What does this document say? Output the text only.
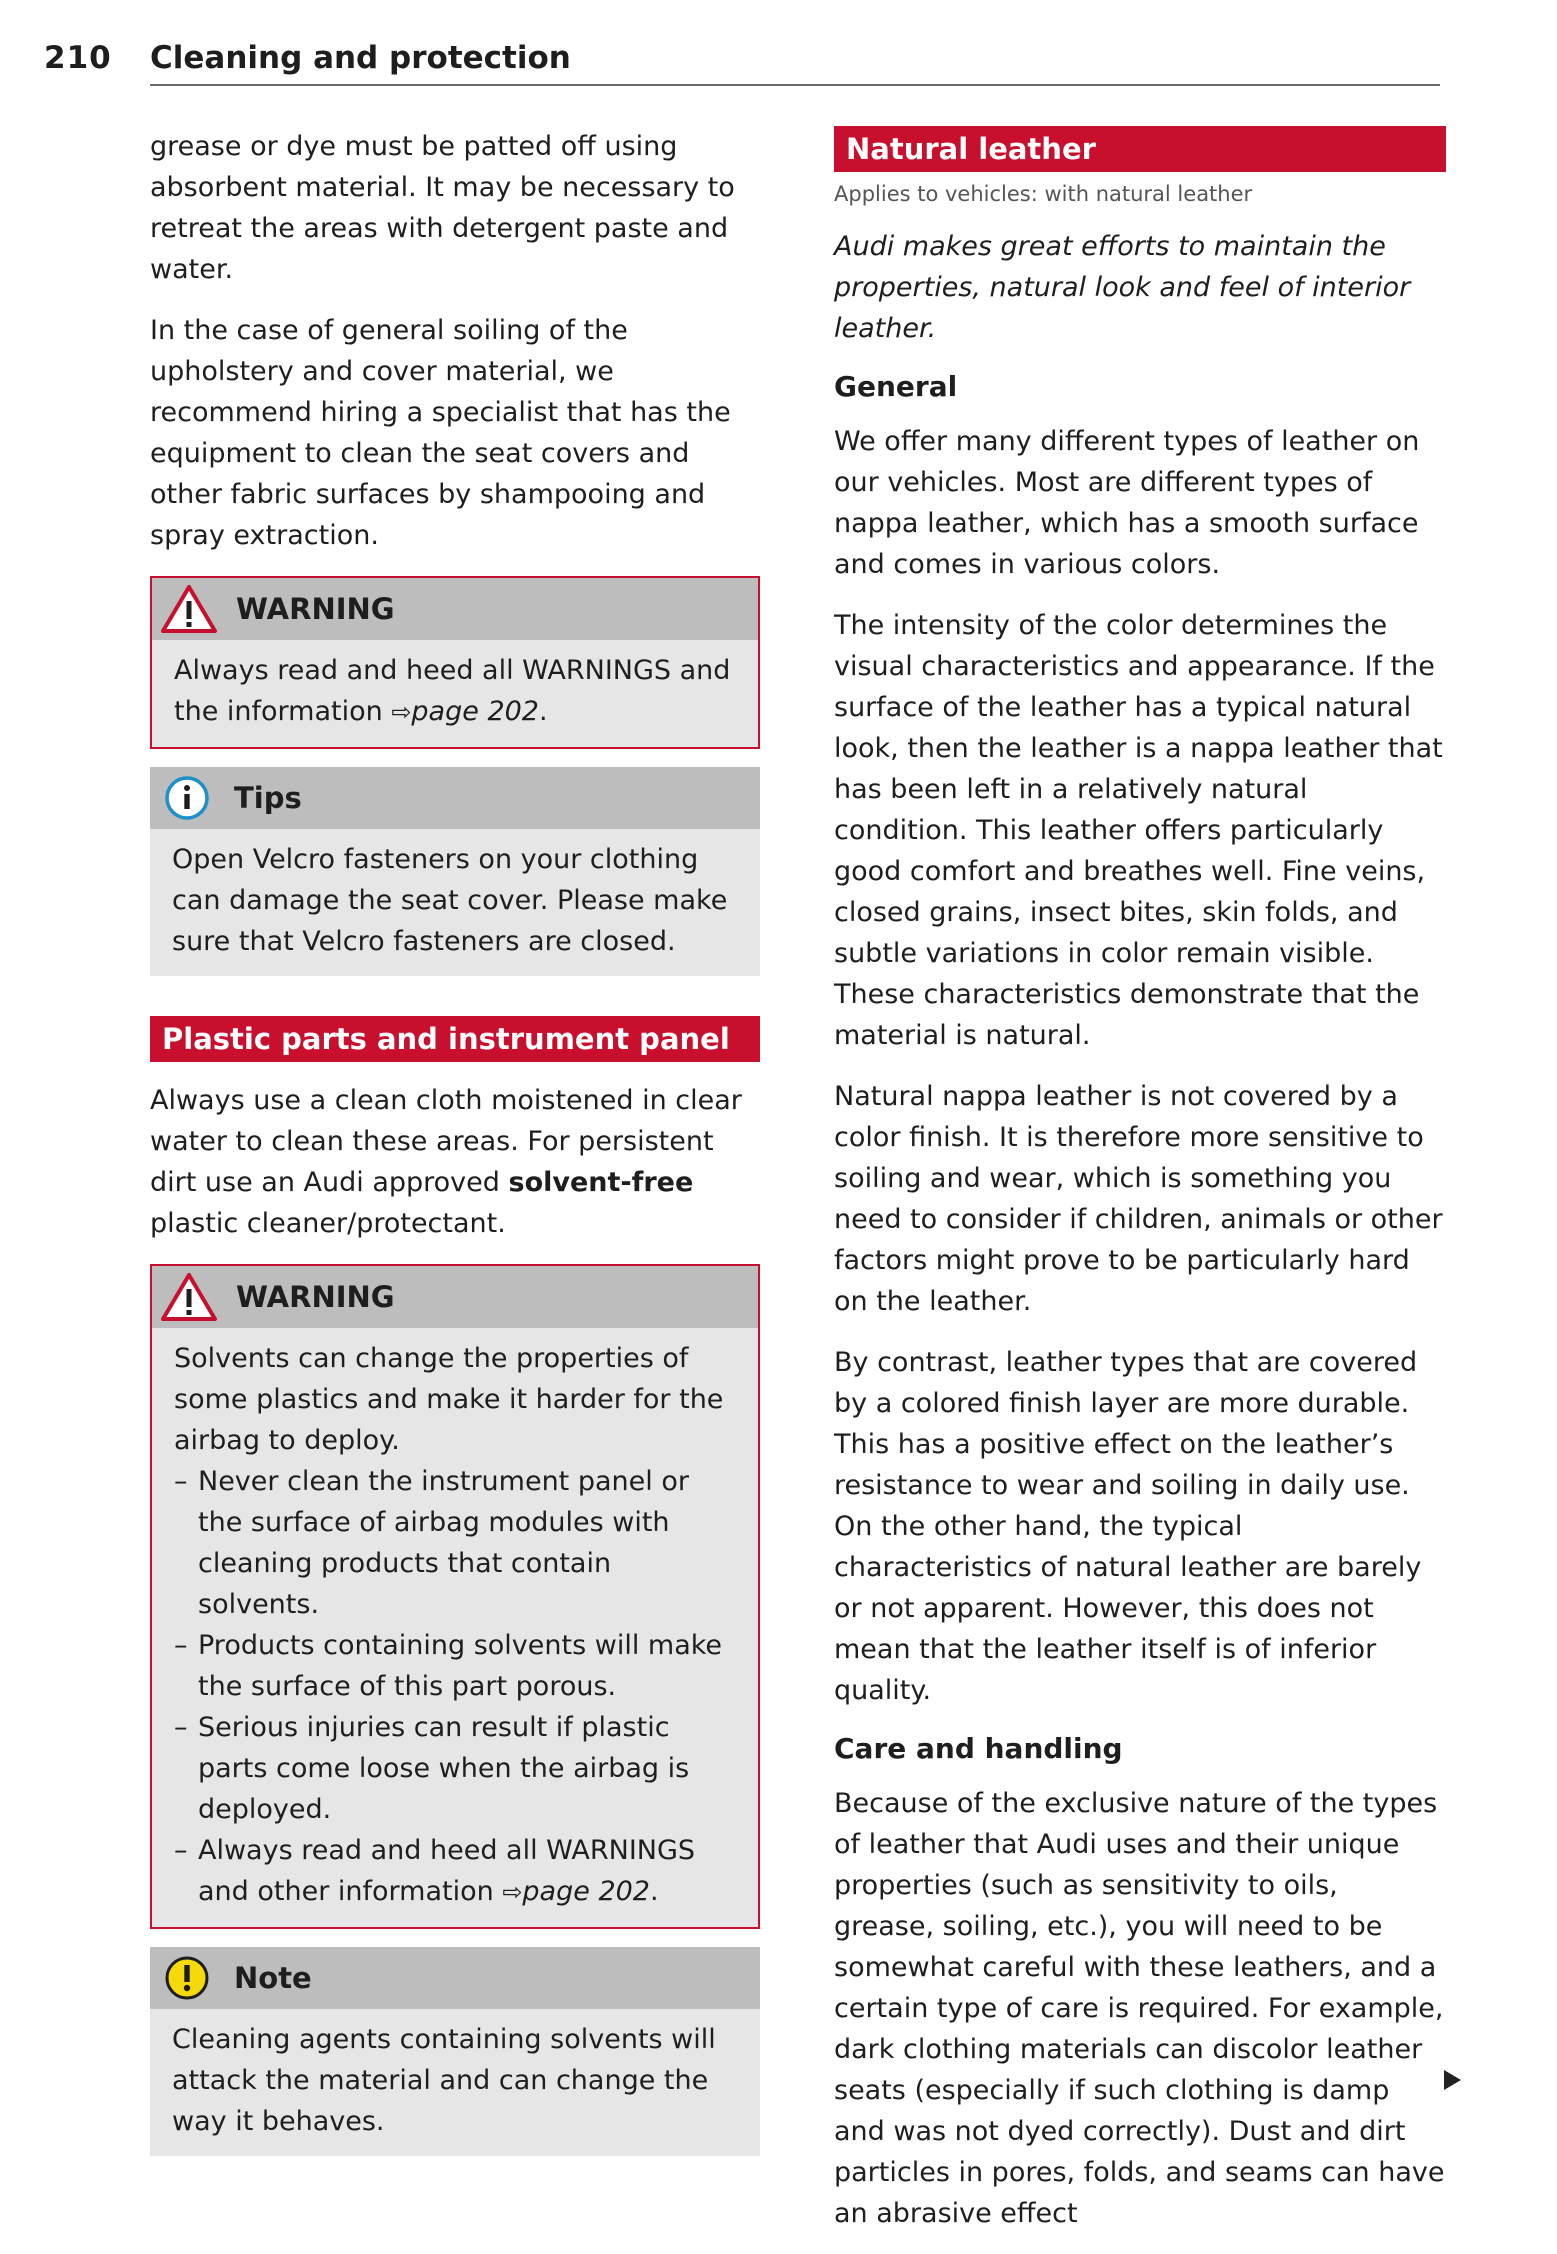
210 Cleaning and protection

grease or dye must be patted off using absorbent material. It may be necessary to retreat the areas with detergent paste and water.

In the case of general soiling of the upholstery and cover material, we recommend hiring a specialist that has the equipment to clean the seat covers and other fabric surfaces by shampooing and spray extraction.

WARNING
Always read and heed all WARNINGS and the information ⇨page 202.
Tips
Open Velcro fasteners on your clothing can damage the seat cover. Please make sure that Velcro fasteners are closed.
Plastic parts and instrument panel

Always use a clean cloth moistened in clear water to clean these areas. For persistent dirt use an Audi approved solvent-free plastic cleaner/protectant.

WARNING
Solvents can change the properties of some plastics and make it harder for the airbag to deploy.
– Never clean the instrument panel or the surface of airbag modules with cleaning products that contain solvents.
– Products containing solvents will make the surface of this part porous.
– Serious injuries can result if plastic parts come loose when the airbag is deployed.
– Always read and heed all WARNINGS and other information ⇨page 202.
Note
Cleaning agents containing solvents will attack the material and can change the way it behaves.
Natural leather
Applies to vehicles: with natural leather

Audi makes great efforts to maintain the properties, natural look and feel of interior leather.

General

We offer many different types of leather on our vehicles. Most are different types of nappa leather, which has a smooth surface and comes in various colors.

The intensity of the color determines the visual characteristics and appearance. If the surface of the leather has a typical natural look, then the leather is a nappa leather that has been left in a relatively natural condition. This leather offers particularly good comfort and breathes well. Fine veins, closed grains, insect bites, skin folds, and subtle variations in color remain visible. These characteristics demonstrate that the material is natural.

Natural nappa leather is not covered by a color finish. It is therefore more sensitive to soiling and wear, which is something you need to consider if children, animals or other factors might prove to be particularly hard on the leather.

By contrast, leather types that are covered by a colored finish layer are more durable. This has a positive effect on the leather’s resistance to wear and soiling in daily use. On the other hand, the typical characteristics of natural leather are barely or not apparent. However, this does not mean that the leather itself is of inferior quality.

Care and handling

Because of the exclusive nature of the types of leather that Audi uses and their unique properties (such as sensitivity to oils, grease, soiling, etc.), you will need to be somewhat careful with these leathers, and a certain type of care is required. For example, dark clothing materials can discolor leather seats (especially if such clothing is damp and was not dyed correctly). Dust and dirt particles in pores, folds, and seams can have an abrasive effect
